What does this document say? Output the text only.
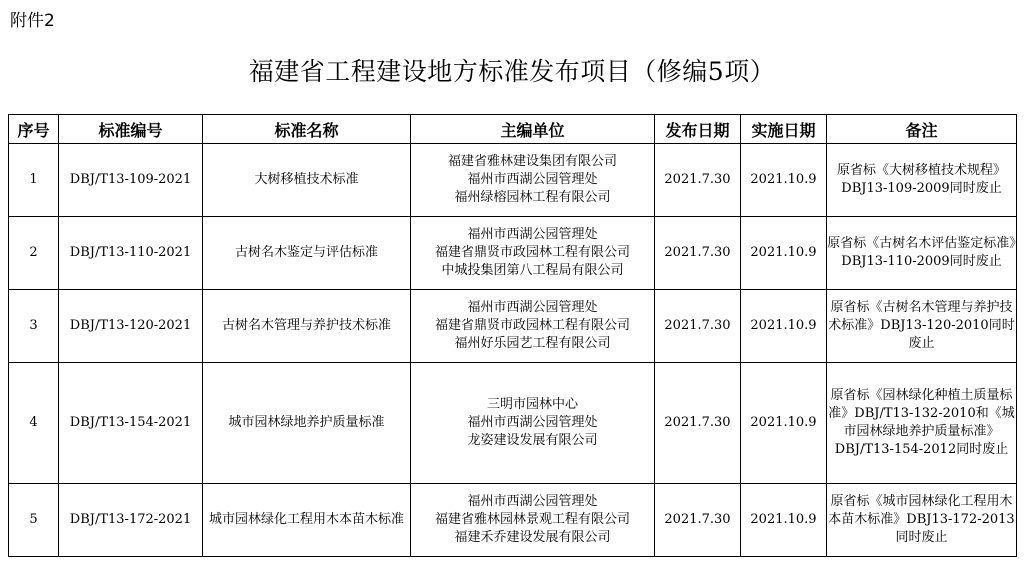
附件2
福建省工程建设地方标准发布项目（修编5项）
序号	标准编号	标准名称	主编单位	发布日期	实施日期	备注
1	DBJ/T13-109-2021	大树移植技术标准	福建省雅林建设集团有限公司
福州市西湖公园管理处
福州绿榕园林工程有限公司	2021.7.30	2021.10.9	原省标《大树移植技术规程》DBJ13-109-2009同时废止
2	DBJ/T13-110-2021	古树名木鉴定与评估标准	福州市西湖公园管理处
福建省鼎贤市政园林工程有限公司
中城投集团第八工程局有限公司	2021.7.30	2021.10.9	原省标《古树名木评估鉴定标准》DBJ13-110-2009同时废止
3	DBJ/T13-120-2021	古树名木管理与养护技术标准	福州市西湖公园管理处
福建省鼎贤市政园林工程有限公司
福州好乐园艺工程有限公司	2021.7.30	2021.10.9	原省标《古树名木管理与养护技术标准》DBJ13-120-2010同时废止
4	DBJ/T13-154-2021	城市园林绿地养护质量标准	三明市园林中心
福州市西湖公园管理处
龙姿建设发展有限公司	2021.7.30	2021.10.9	原省标《园林绿化种植土质量标准》DBJ/T13-132-2010和《城市园林绿地养护质量标准》DBJ/T13-154-2012同时废止
5	DBJ/T13-172-2021	城市园林绿化工程用木本苗木标准	福州市西湖公园管理处
福建省雅林园林景观工程有限公司
福建禾乔建设发展有限公司	2021.7.30	2021.10.9	原省标《城市园林绿化工程用木本苗木标准》DBJ13-172-2013同时废止
